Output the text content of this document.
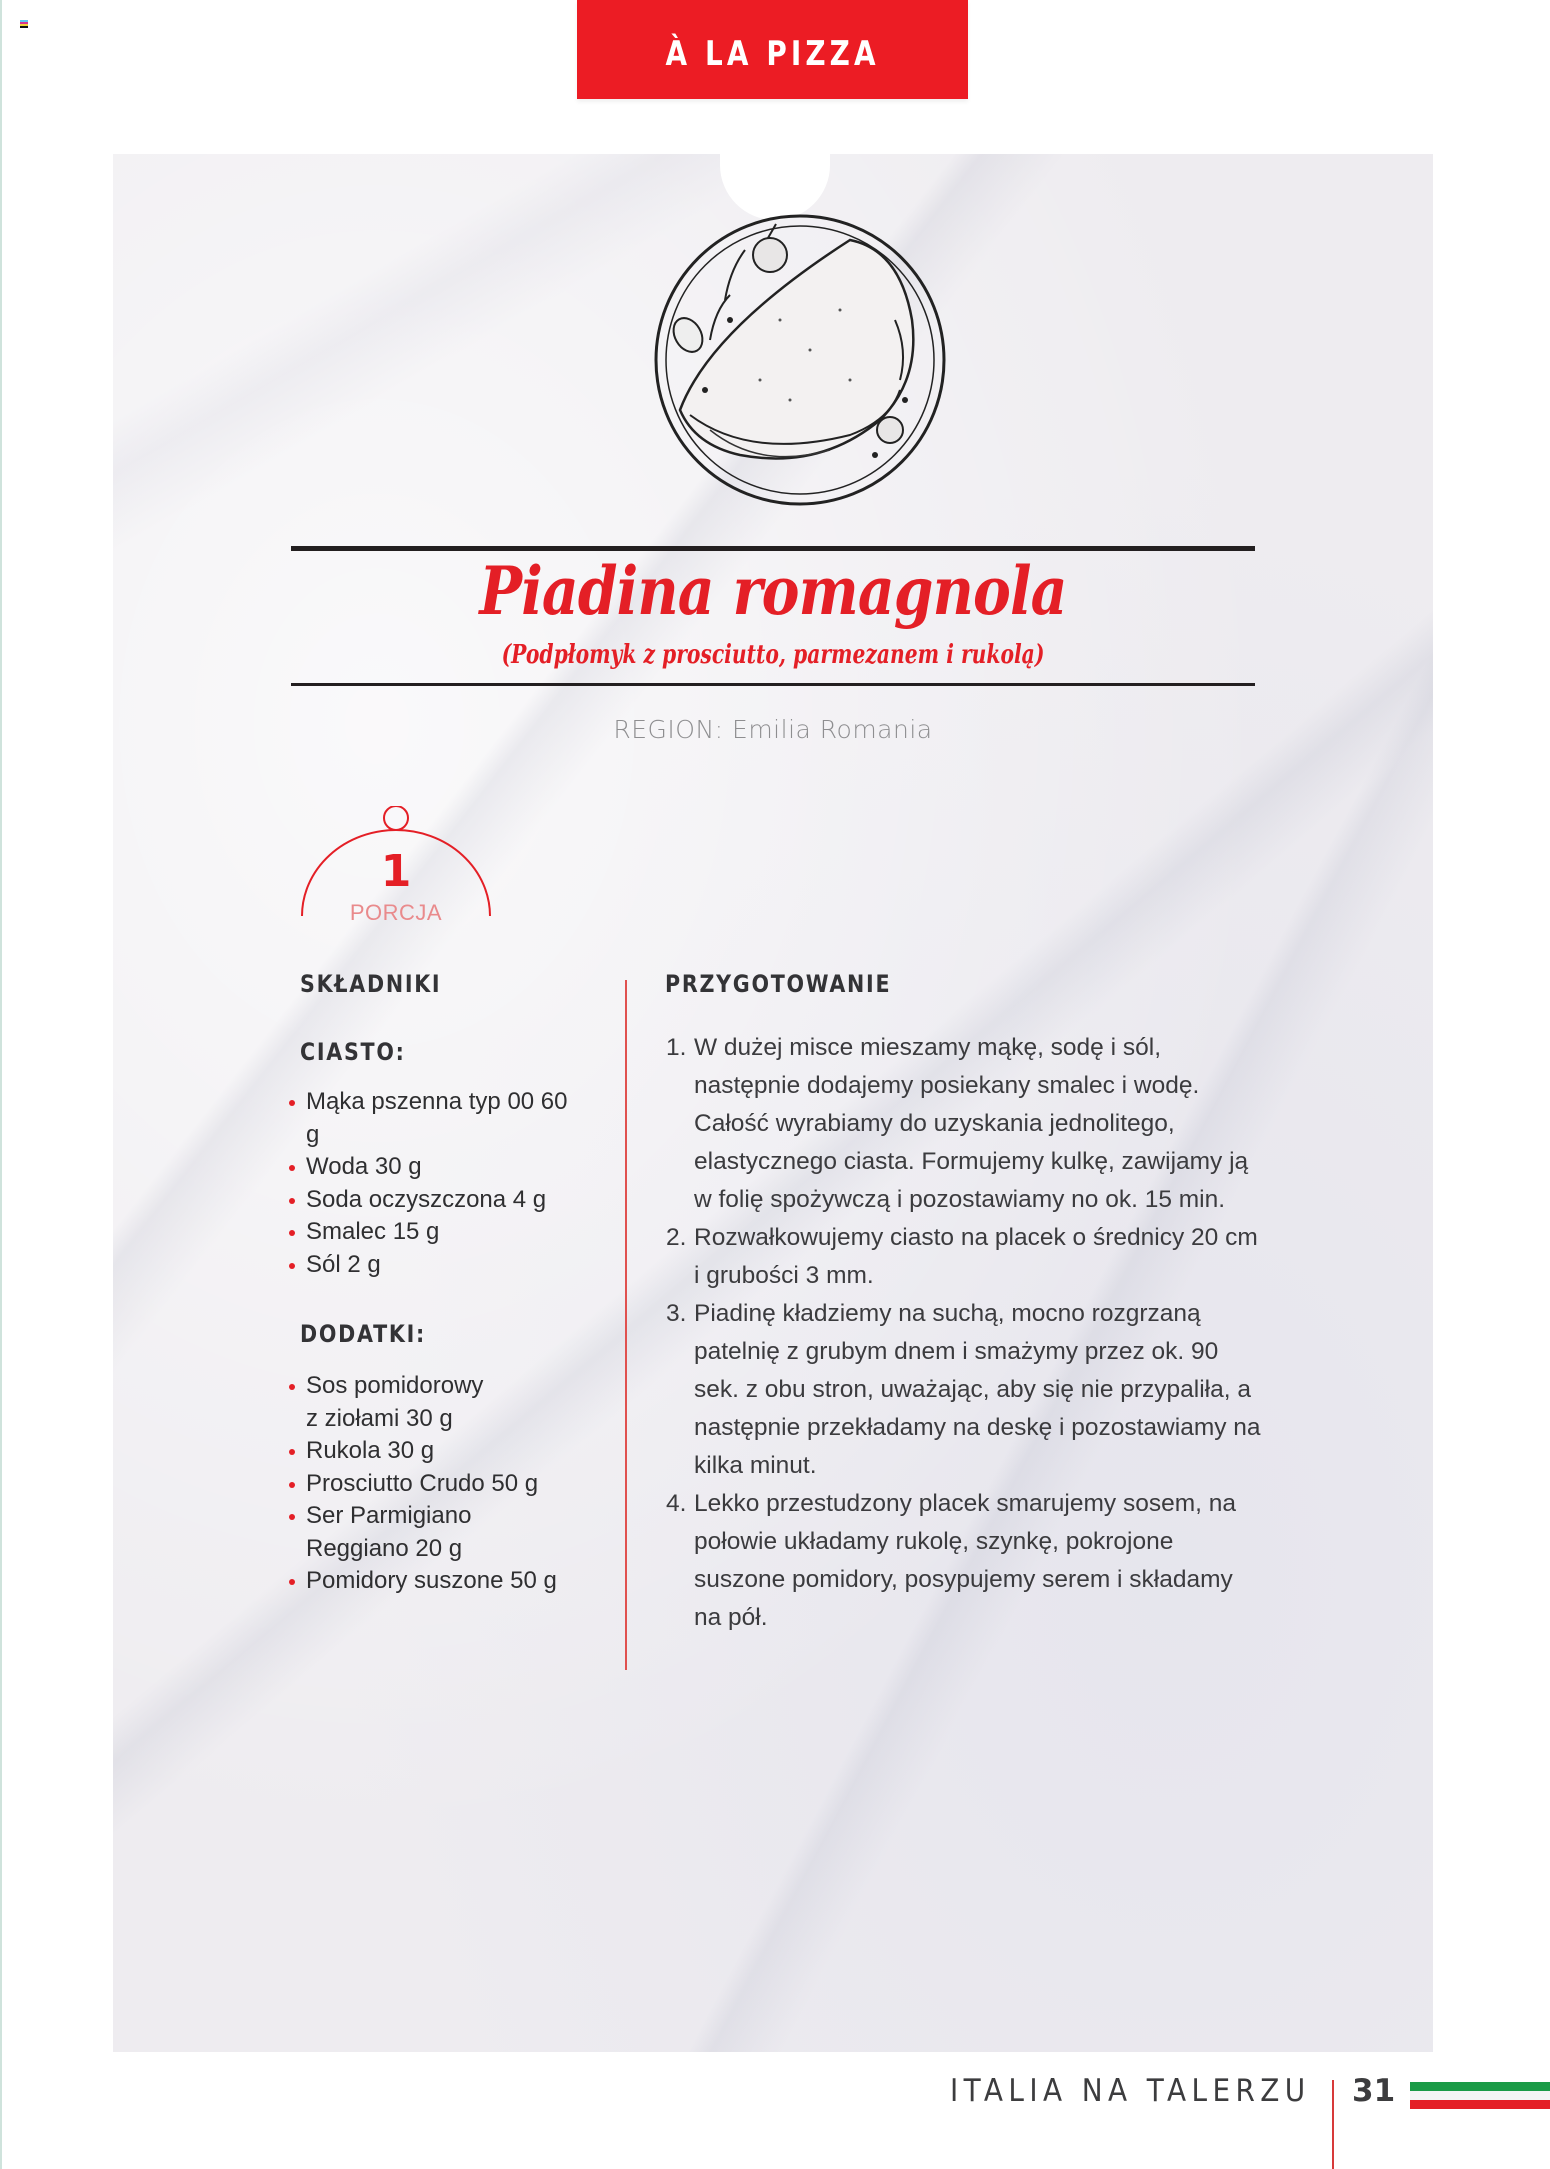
À LA PIZZA
Piadina romagnola
(Podpłomyk z prosciutto, parmezanem i rukolą)
REGION: Emilia Romania
1
PORCJA
SKŁADNIKI
CIASTO:
Mąka pszenna typ 00 60 g
Woda 30 g
Soda oczyszczona 4 g
Smalec 15 g
Sól 2 g
DODATKI:
Sos pomidorowy z ziołami 30 g
Rukola 30 g
Prosciutto Crudo 50 g
Ser Parmigiano Reggiano 20 g
Pomidory suszone 50 g
PRZYGOTOWANIE
1. W dużej misce mieszamy mąkę, sodę i sól, następnie dodajemy posiekany smalec i wodę. Całość wyrabiamy do uzyskania jednolitego, elastycznego ciasta. Formujemy kulkę, zawijamy ją w folię spożywczą i pozostawiamy no ok. 15 min.
2. Rozwałkowujemy ciasto na placek o średnicy 20 cm i grubości 3 mm.
3. Piadinę kładziemy na suchą, mocno rozgrzaną patelnię z grubym dnem i smażymy przez ok. 90 sek. z obu stron, uważając, aby się nie przypaliła, a następnie przekładamy na deskę i pozostawiamy na kilka minut.
4. Lekko przestudzony placek smarujemy sosem, na połowie układamy rukolę, szynkę, pokrojone suszone pomidory, posypujemy serem i składamy na pół.
ITALIA NA TALERZU 31
